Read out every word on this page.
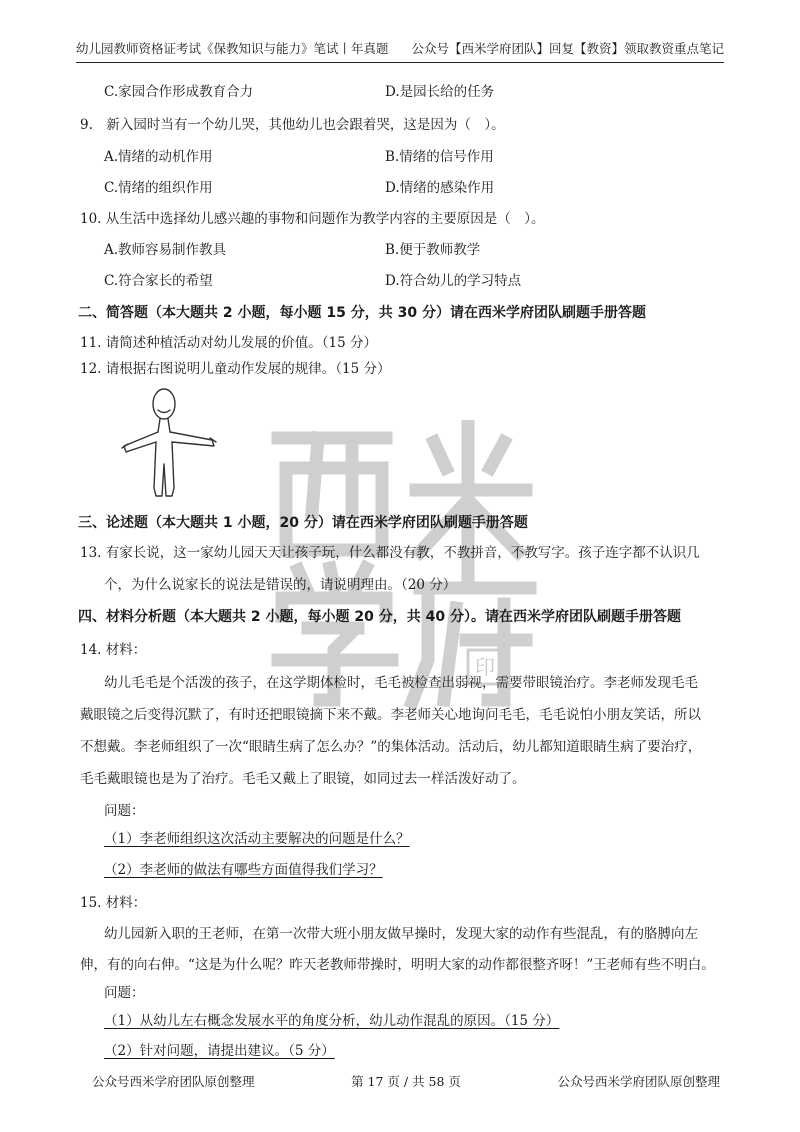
印
幼儿园教师资格证考试《保教知识与能力》笔试丨年真题 公众号【西米学府团队】回复【教资】领取教资重点笔记
C.家园合作形成教育合力	D.是园长给的任务
9.　新入园时当有一个幼儿哭，其他幼儿也会跟着哭，这是因为（　）。
A.情绪的动机作用	B.情绪的信号作用
C.情绪的组织作用	D.情绪的感染作用
10. 从生活中选择幼儿感兴趣的事物和问题作为教学内容的主要原因是（　）。
A.教师容易制作教具	B.便于教师教学
C.符合家长的希望	D.符合幼儿的学习特点
二、简答题（本大题共 2 小题，每小题 15 分，共 30 分）请在西米学府团队刷题手册答题
11. 请简述种植活动对幼儿发展的价值。（15 分）
12. 请根据右图说明儿童动作发展的规律。（15 分）
三、论述题（本大题共 1 小题，20 分）请在西米学府团队刷题手册答题
13. 有家长说，这一家幼儿园天天让孩子玩，什么都没有教，不教拼音，不教写字。孩子连字都不认识几
个，为什么说家长的说法是错误的，请说明理由。（20 分）
四、材料分析题（本大题共 2 小题，每小题 20 分，共 40 分）。请在西米学府团队刷题手册答题
14. 材料：
幼儿毛毛是个活泼的孩子，在这学期体检时，毛毛被检查出弱视，需要带眼镜治疗。李老师发现毛毛
戴眼镜之后变得沉默了，有时还把眼镜摘下来不戴。李老师关心地询问毛毛，毛毛说怕小朋友笑话，所以
不想戴。李老师组织了一次“眼睛生病了怎么办？”的集体活动。活动后，幼儿都知道眼睛生病了要治疗，
毛毛戴眼镜也是为了治疗。毛毛又戴上了眼镜，如同过去一样活泼好动了。
问题：
（1）李老师组织这次活动主要解决的问题是什么？
（2）李老师的做法有哪些方面值得我们学习？
15. 材料：
幼儿园新入职的王老师，在第一次带大班小朋友做早操时，发现大家的动作有些混乱，有的胳膊向左
伸，有的向右伸。“这是为什么呢？昨天老教师带操时，明明大家的动作都很整齐呀！”王老师有些不明白。
问题：
（1）从幼儿左右概念发展水平的角度分析，幼儿动作混乱的原因。（15 分）
（2）针对问题，请提出建议。（5 分）
公众号西米学府团队原创整理	第 17 页 / 共 58 页	公众号西米学府团队原创整理
